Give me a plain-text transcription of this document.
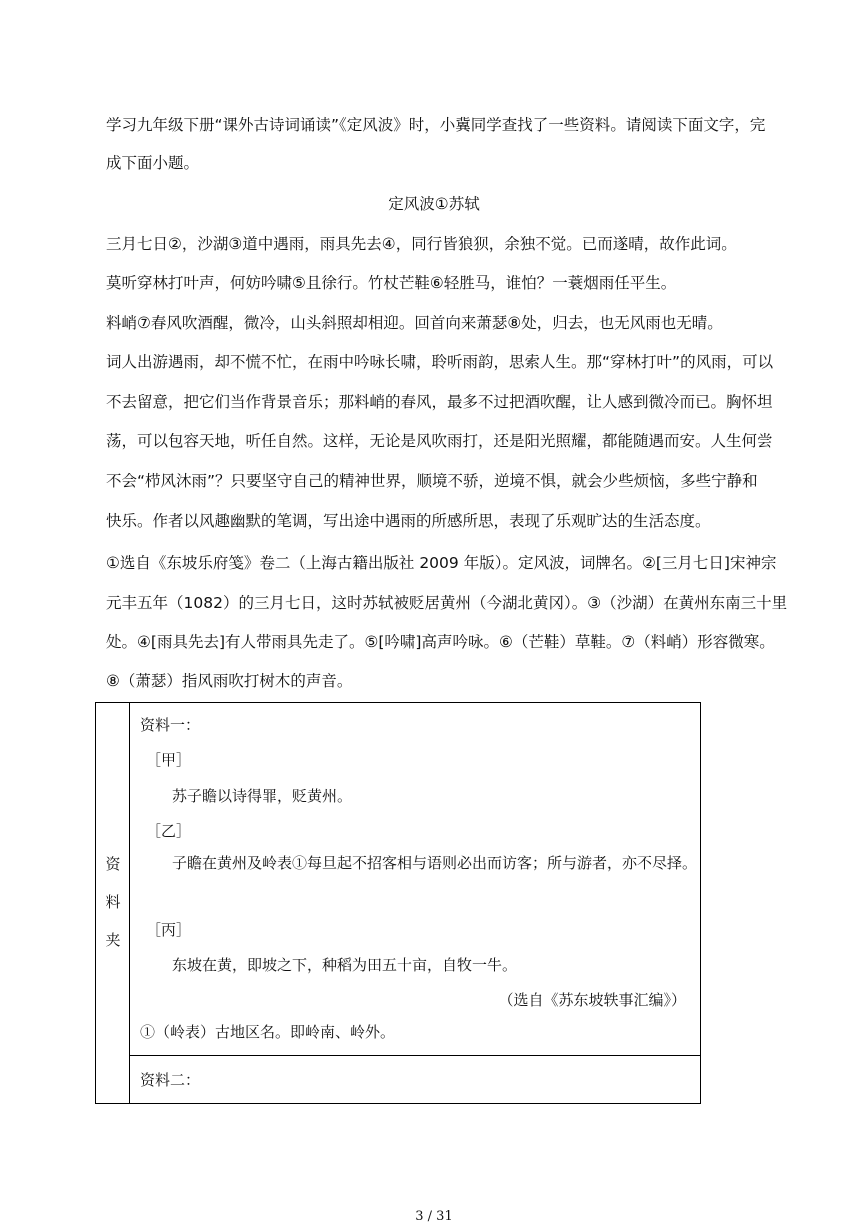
学习九年级下册“课外古诗词诵读”《定风波》时，小冀同学查找了一些资料。请阅读下面文字，完
成下面小题。
定风波①苏轼
三月七日②，沙湖③道中遇雨，雨具先去④，同行皆狼狈，余独不觉。已而遂晴，故作此词。
莫听穿林打叶声，何妨吟啸⑤且徐行。竹杖芒鞋⑥轻胜马，谁怕？一蓑烟雨任平生。
料峭⑦春风吹酒醒，微冷，山头斜照却相迎。回首向来萧瑟⑧处，归去，也无风雨也无晴。
词人出游遇雨，却不慌不忙，在雨中吟咏长啸，聆听雨韵，思索人生。那“穿林打叶”的风雨，可以
不去留意，把它们当作背景音乐；那料峭的春风，最多不过把酒吹醒，让人感到微冷而已。胸怀坦
荡，可以包容天地，听任自然。这样，无论是风吹雨打，还是阳光照耀，都能随遇而安。人生何尝
不会“栉风沐雨”？只要坚守自己的精神世界，顺境不骄，逆境不惧，就会少些烦恼，多些宁静和
快乐。作者以风趣幽默的笔调，写出途中遇雨的所感所思，表现了乐观旷达的生活态度。
①选自《东坡乐府笺》卷二（上海古籍出版社 2009 年版）。定风波，词牌名。②[三月七日]宋神宗
元丰五年（1082）的三月七日，这时苏轼被贬居黄州（今湖北黄冈）。③（沙湖）在黄州东南三十里
处。④[雨具先去]有人带雨具先走了。⑤[吟啸]高声吟咏。⑥（芒鞋）草鞋。⑦（料峭）形容微寒。
⑧（萧瑟）指风雨吹打树木的声音。
资
料
夹
资料一：
［甲］
苏子瞻以诗得罪，贬黄州。
［乙］
子瞻在黄州及岭表①每旦起不招客相与语则必出而访客；所与游者，亦不尽择。
［丙］
东坡在黄，即坡之下，种稻为田五十亩，自牧一牛。
（选自《苏东坡轶事汇编》）
①（岭表）古地区名。即岭南、岭外。
资料二：
3 / 31
